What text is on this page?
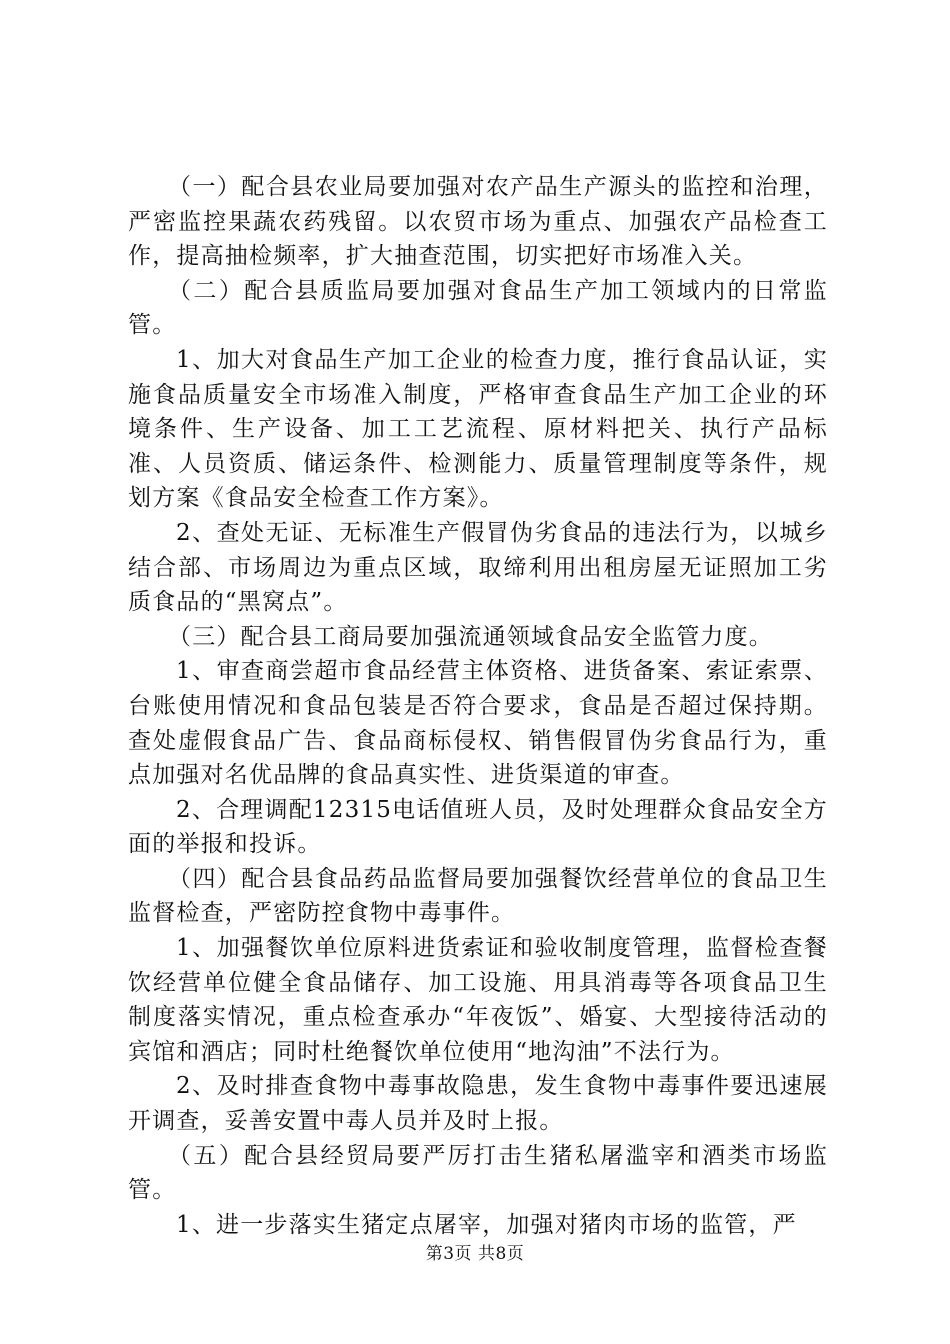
（一）配合县农业局要加强对农产品生产源头的监控和治理，严密监控果蔬农药残留。以农贸市场为重点、加强农产品检查工作，提高抽检频率，扩大抽查范围，切实把好市场准入关。

（二）配合县质监局要加强对食品生产加工领域内的日常监管。

1、加大对食品生产加工企业的检查力度，推行食品认证，实施食品质量安全市场准入制度，严格审查食品生产加工企业的环境条件、生产设备、加工工艺流程、原材料把关、执行产品标准、人员资质、储运条件、检测能力、质量管理制度等条件，规划方案《食品安全检查工作方案》。

2、查处无证、无标准生产假冒伪劣食品的违法行为，以城乡结合部、市场周边为重点区域，取缔利用出租房屋无证照加工劣质食品的“黑窝点”。

（三）配合县工商局要加强流通领域食品安全监管力度。

1、审查商尝超市食品经营主体资格、进货备案、索证索票、台账使用情况和食品包装是否符合要求，食品是否超过保持期。查处虚假食品广告、食品商标侵权、销售假冒伪劣食品行为，重点加强对名优品牌的食品真实性、进货渠道的审查。

2、合理调配12315电话值班人员，及时处理群众食品安全方面的举报和投诉。

（四）配合县食品药品监督局要加强餐饮经营单位的食品卫生监督检查，严密防控食物中毒事件。

1、加强餐饮单位原料进货索证和验收制度管理，监督检查餐饮经营单位健全食品储存、加工设施、用具消毒等各项食品卫生制度落实情况，重点检查承办“年夜饭”、婚宴、大型接待活动的宾馆和酒店；同时杜绝餐饮单位使用“地沟油”不法行为。

2、及时排查食物中毒事故隐患，发生食物中毒事件要迅速展开调查，妥善安置中毒人员并及时上报。

（五）配合县经贸局要严厉打击生猪私屠滥宰和酒类市场监管。

1、进一步落实生猪定点屠宰，加强对猪肉市场的监管，严

第3页 共8页
